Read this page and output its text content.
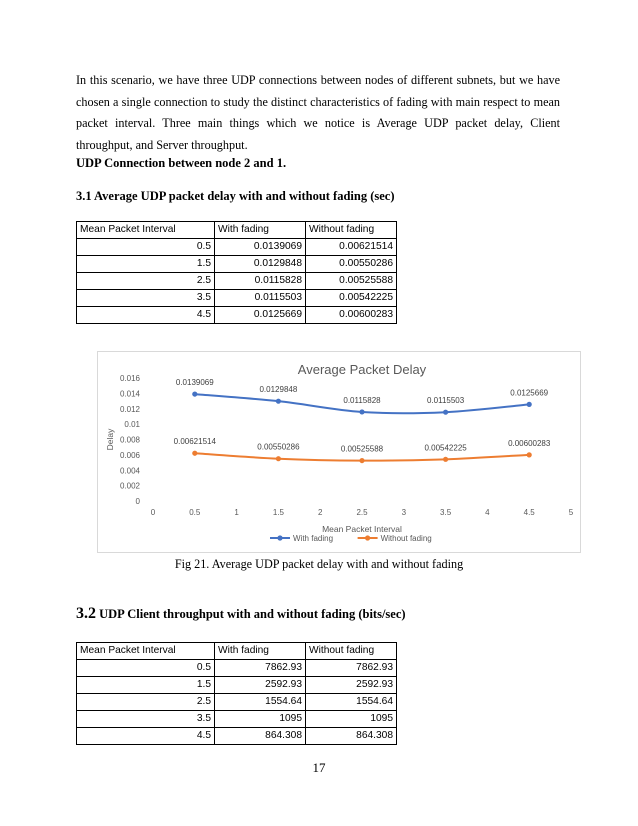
In this scenario, we have three UDP connections between nodes of different subnets, but we have chosen a single connection to study the distinct characteristics of fading with main respect to mean packet interval. Three main things which we notice is Average UDP packet delay, Client throughput, and Server throughput.

UDP Connection between node 2 and 1.

3.1 Average UDP packet delay with and without fading (sec)

Mean Packet Interval	With fading	Without fading
0.5	0.0139069	0.00621514
1.5	0.0129848	0.00550286
2.5	0.0115828	0.00525588
3.5	0.0115503	0.00542225
4.5	0.0125669	0.00600283
Average Packet Delay
0
0.002
0.004
0.006
0.008
0.01
0.012
0.014
0.016
0	0.5	1	1.5	2	2.5	3	3.5	4	4.5	5
Mean Packet Interval
Delay
0.0139069
0.0129848
0.0115828	0.0115503
0.0125669
0.00621514
0.00550286	0.00525588	0.00542225	0.00600283
With fading	Without fading

Fig 21. Average UDP packet delay with and without fading

3.2 UDP Client throughput with and without fading (bits/sec)

Mean Packet Interval	With fading	Without fading
0.5	7862.93	7862.93
1.5	2592.93	2592.93
2.5	1554.64	1554.64
3.5	1095	1095
4.5	864.308	864.308

17
